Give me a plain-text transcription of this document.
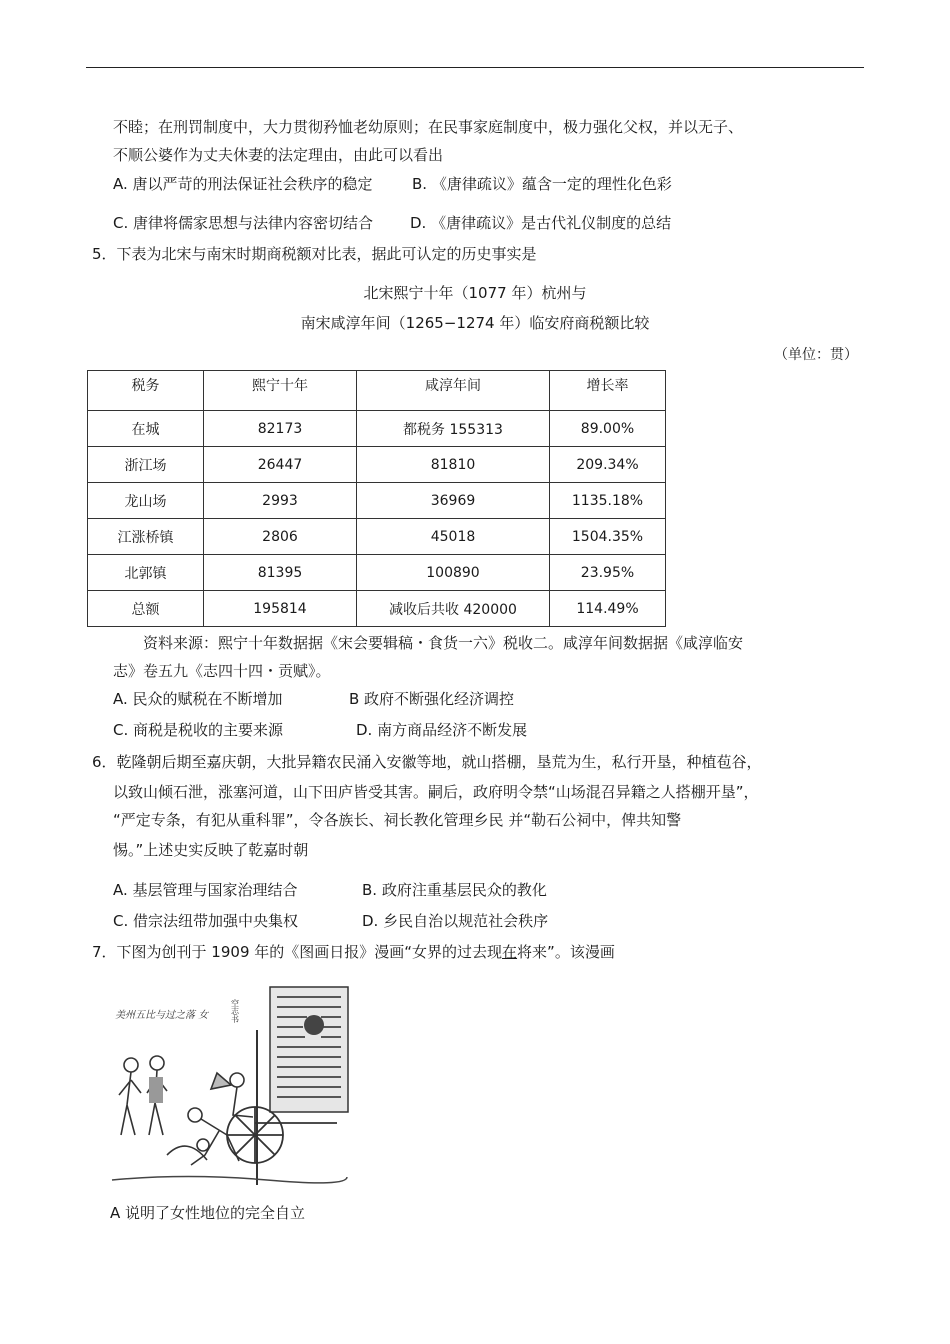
不睦；在刑罚制度中，大力贯彻矜恤老幼原则；在民事家庭制度中，极力强化父权，并以无子、
不顺公婆作为丈夫休妻的法定理由，由此可以看出
A. 唐以严苛的刑法保证社会秩序的稳定	B. 《唐律疏议》蕴含一定的理性化色彩
C. 唐律将儒家思想与法律内容密切结合 D. 《唐律疏议》是古代礼仪制度的总结
5．下表为北宋与南宋时期商税额对比表，据此可认定的历史事实是
北宋熙宁十年（1077 年）杭州与
南宋咸淳年间（1265−1274 年）临安府商税额比较
（单位：贯）
税务	熙宁十年	咸淳年间	增长率
在城	82173	都税务 155313	89.00%
浙江场	26447	81810	209.34%
龙山场	2993	36969	1135.18%
江涨桥镇	2806	45018	1504.35%
北郭镇	81395	100890	23.95%
总额	195814	减收后共收 420000	114.49%
资料来源：熙宁十年数据据《宋会要辑稿・食货一六》税收二。咸淳年间数据据《咸淳临安
志》卷五九《志四十四・贡赋》。
A. 民众的赋税在不断增加	B 政府不断强化经济调控
C. 商税是税收的主要来源	D. 南方商品经济不断发展
6．乾隆朝后期至嘉庆朝，大批异籍农民涌入安徽等地，就山搭棚，垦荒为生，私行开垦，种植苞谷，
以致山倾石泄，涨塞河道，山下田庐皆受其害。嗣后，政府明令禁“山场混召异籍之人搭棚开垦”，
“严定专条，有犯从重科罪”，令各族长、祠长教化管理乡民 并“勒石公祠中，俾共知警
惕。”上述史实反映了乾嘉时朝
A. 基层管理与国家治理结合	B. 政府注重基层民众的教化
C. 借宗法纽带加强中央集权	D. 乡民自治以规范社会秩序
7．下图为创刊于 1909 年的《图画日报》漫画“女界的过去现在将来”。该漫画
美州五比与过之落 女	空志书
A 说明了女性地位的完全自立
